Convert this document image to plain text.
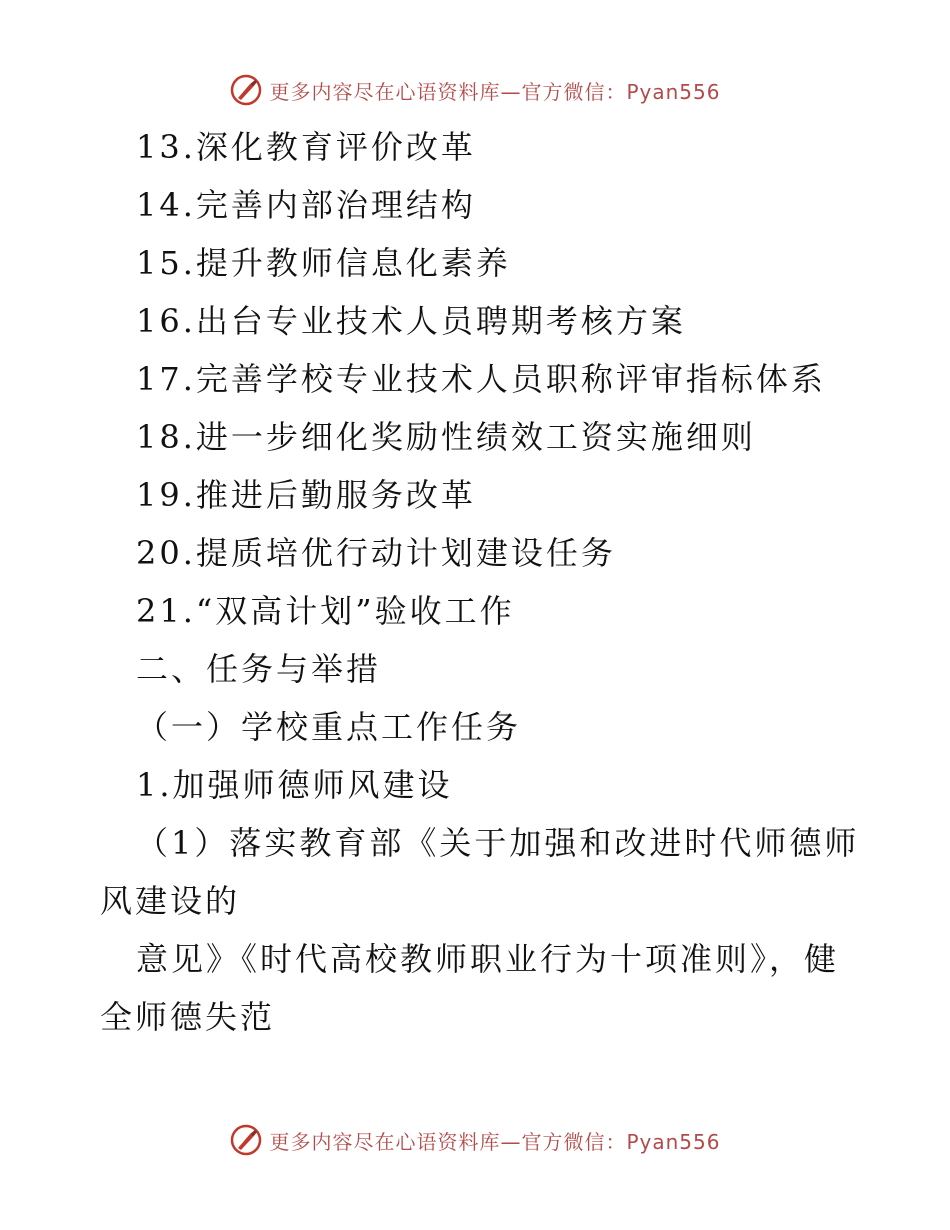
更多内容尽在心语资料库—官方微信：Pyan556
13.深化教育评价改革
14.完善内部治理结构
15.提升教师信息化素养
16.出台专业技术人员聘期考核方案
17.完善学校专业技术人员职称评审指标体系
18.进一步细化奖励性绩效工资实施细则
19.推进后勤服务改革
20.提质培优行动计划建设任务
21.“双高计划”验收工作
二、任务与举措
（一）学校重点工作任务
1.加强师德师风建设
（1）落实教育部《关于加强和改进时代师德师
风建设的
意见》《时代高校教师职业行为十项准则》，健
全师德失范
更多内容尽在心语资料库—官方微信：Pyan556
